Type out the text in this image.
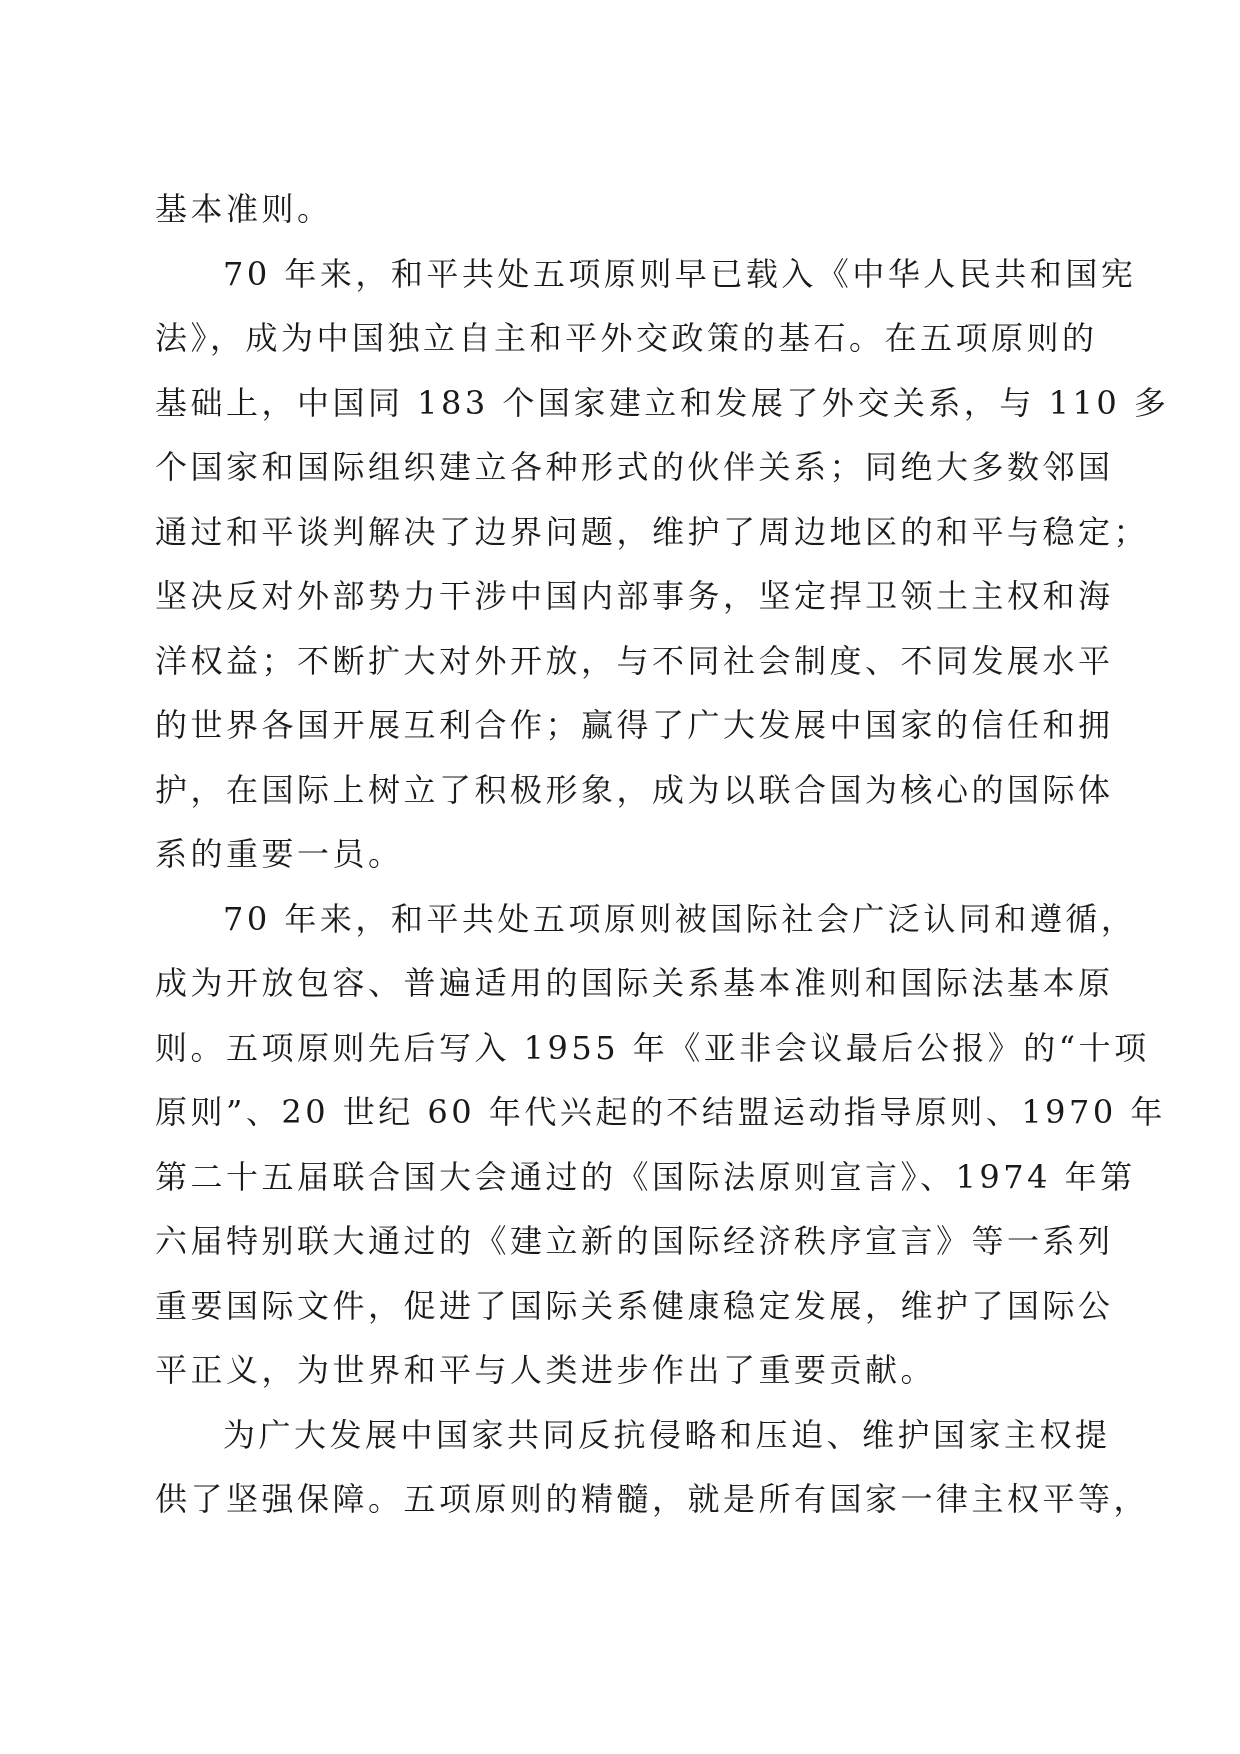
基本准则。
70 年来，和平共处五项原则早已载入《中华人民共和国宪
法》，成为中国独立自主和平外交政策的基石。在五项原则的
基础上，中国同 183 个国家建立和发展了外交关系，与 110 多
个国家和国际组织建立各种形式的伙伴关系；同绝大多数邻国
通过和平谈判解决了边界问题，维护了周边地区的和平与稳定；
坚决反对外部势力干涉中国内部事务，坚定捍卫领土主权和海
洋权益；不断扩大对外开放，与不同社会制度、不同发展水平
的世界各国开展互利合作；赢得了广大发展中国家的信任和拥
护，在国际上树立了积极形象，成为以联合国为核心的国际体
系的重要一员。
70 年来，和平共处五项原则被国际社会广泛认同和遵循，
成为开放包容、普遍适用的国际关系基本准则和国际法基本原
则。五项原则先后写入 1955 年《亚非会议最后公报》的“十项
原则”、20 世纪 60 年代兴起的不结盟运动指导原则、1970 年
第二十五届联合国大会通过的《国际法原则宣言》、1974 年第
六届特别联大通过的《建立新的国际经济秩序宣言》等一系列
重要国际文件，促进了国际关系健康稳定发展，维护了国际公
平正义，为世界和平与人类进步作出了重要贡献。
为广大发展中国家共同反抗侵略和压迫、维护国家主权提
供了坚强保障。五项原则的精髓，就是所有国家一律主权平等，
